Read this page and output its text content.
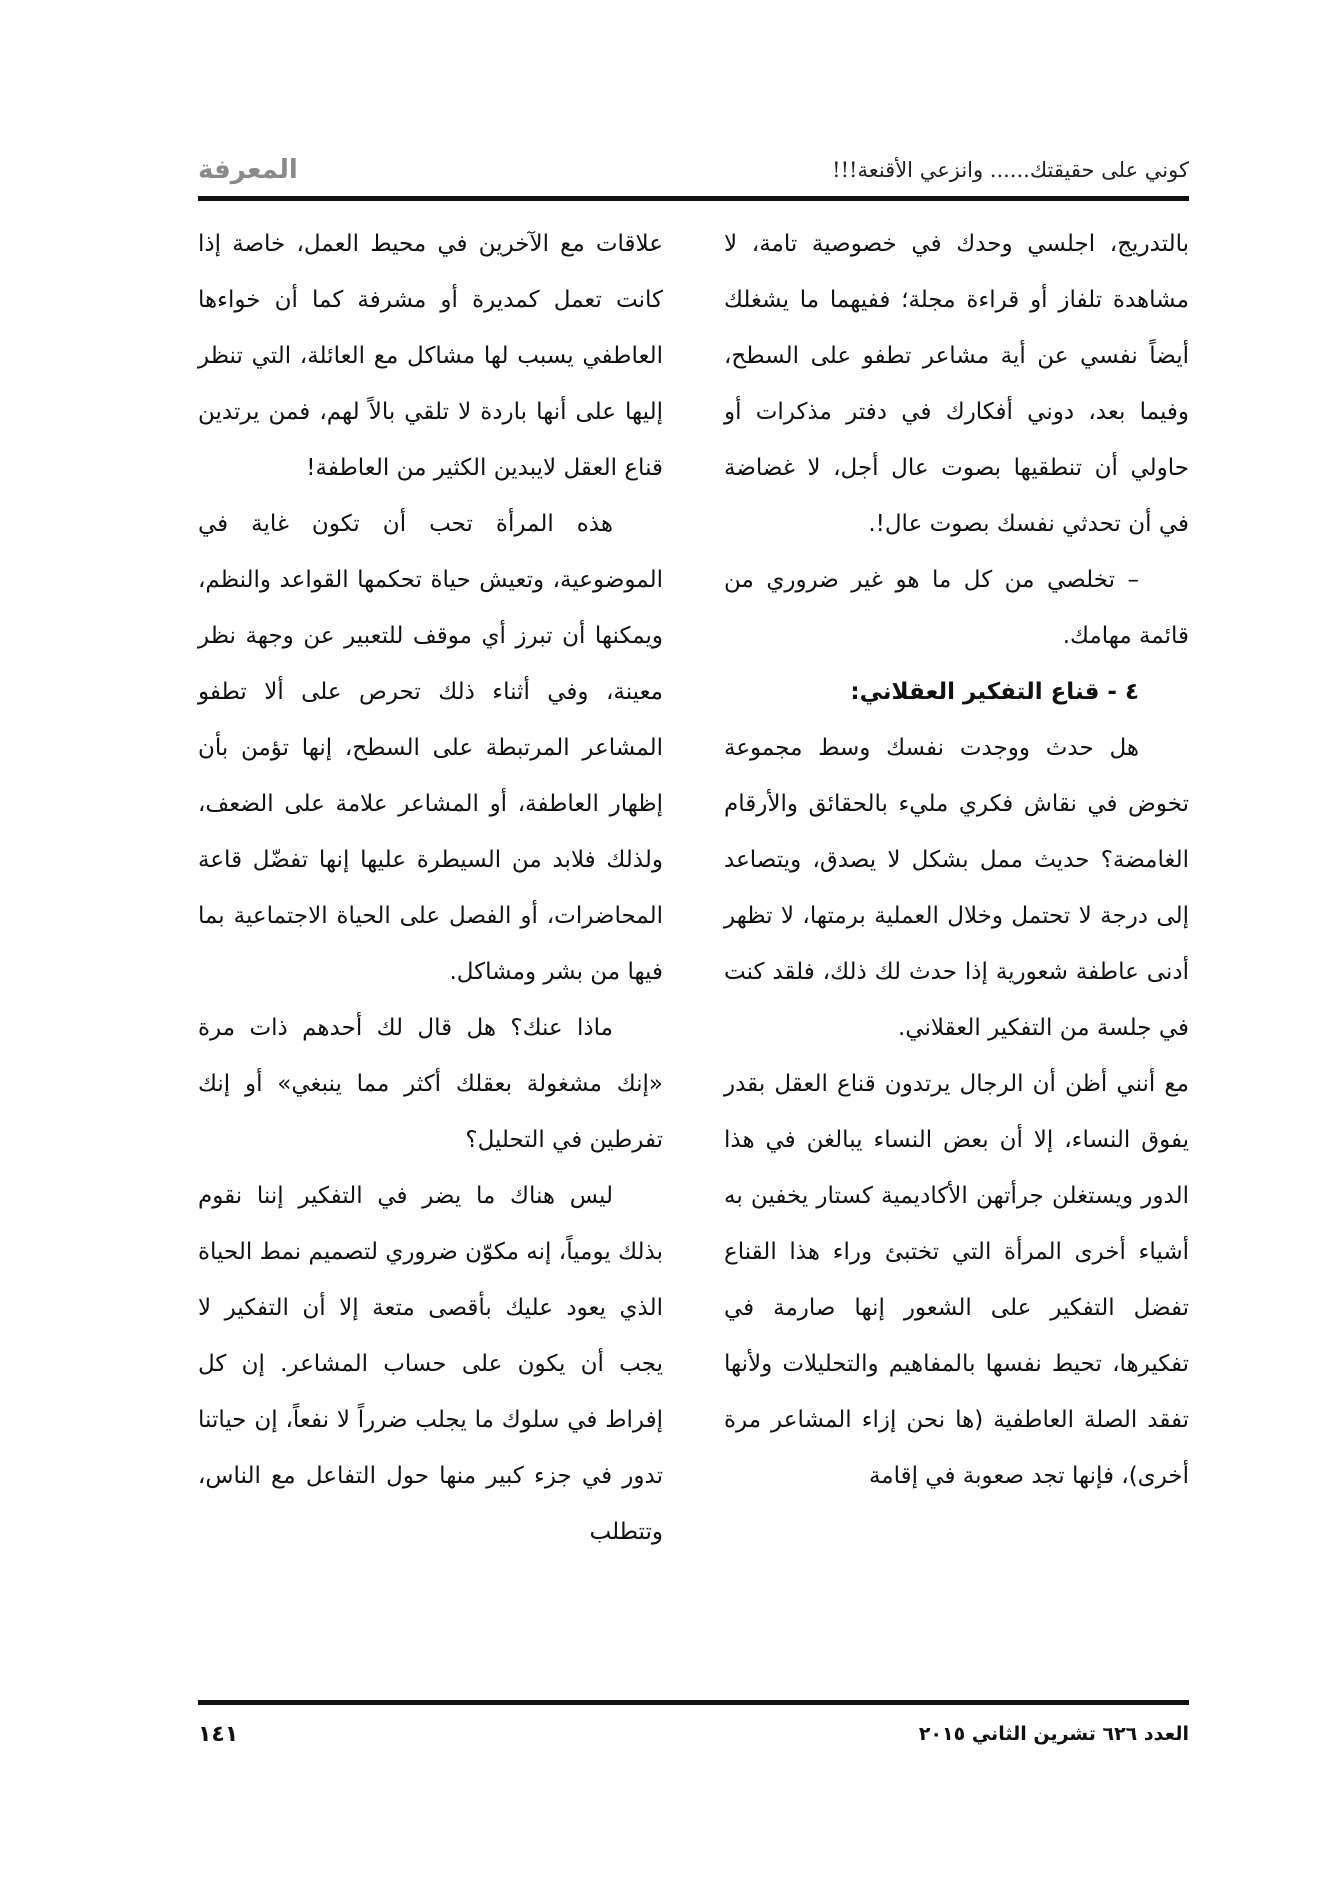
كوني على حقيقتك...... وانزعي الأقنعة!!!
المعرفة

بالتدريج، اجلسي وحدك في خصوصية تامة، لا مشاهدة تلفاز أو قراءة مجلة؛ ففيهما ما يشغلك أيضاً نفسي عن أية مشاعر تطفو على السطح، وفيما بعد، دوني أفكارك في دفتر مذكرات أو حاولي أن تنطقيها بصوت عال أجل، لا غضاضة في أن تحدثي نفسك بصوت عال!.

– تخلصي من كل ما هو غير ضروري من قائمة مهامك.

٤ - قناع التفكير العقلاني:

هل حدث ووجدت نفسك وسط مجموعة تخوض في نقاش فكري مليء بالحقائق والأرقام الغامضة؟ حديث ممل بشكل لا يصدق، ويتصاعد إلى درجة لا تحتمل وخلال العملية برمتها، لا تظهر أدنى عاطفة شعورية إذا حدث لك ذلك، فلقد كنت في جلسة من التفكير العقلاني.

مع أنني أظن أن الرجال يرتدون قناع العقل بقدر يفوق النساء، إلا أن بعض النساء يبالغن في هذا الدور ويستغلن جرأتهن الأكاديمية كستار يخفين به أشياء أخرى المرأة التي تختبئ وراء هذا القناع تفضل التفكير على الشعور إنها صارمة في تفكيرها، تحيط نفسها بالمفاهيم والتحليلات ولأنها تفقد الصلة العاطفية (ها نحن إزاء المشاعر مرة أخرى)، فإنها تجد صعوبة في إقامة

علاقات مع الآخرين في محيط العمل، خاصة إذا كانت تعمل كمديرة أو مشرفة كما أن خواءها العاطفي يسبب لها مشاكل مع العائلة، التي تنظر إليها على أنها باردة لا تلقي بالاً لهم، فمن يرتدين قناع العقل لايبدين الكثير من العاطفة!

هذه المرأة تحب أن تكون غاية في الموضوعية، وتعيش حياة تحكمها القواعد والنظم، ويمكنها أن تبرز أي موقف للتعبير عن وجهة نظر معينة، وفي أثناء ذلك تحرص على ألا تطفو المشاعر المرتبطة على السطح، إنها تؤمن بأن إظهار العاطفة، أو المشاعر علامة على الضعف، ولذلك فلابد من السيطرة عليها إنها تفضّل قاعة المحاضرات، أو الفصل على الحياة الاجتماعية بما فيها من بشر ومشاكل.

ماذا عنك؟ هل قال لك أحدهم ذات مرة «إنك مشغولة بعقلك أكثر مما ينبغي» أو إنك تفرطين في التحليل؟

ليس هناك ما يضر في التفكير إننا نقوم بذلك يومياً، إنه مكوّن ضروري لتصميم نمط الحياة الذي يعود عليك بأقصى متعة إلا أن التفكير لا يجب أن يكون على حساب المشاعر. إن كل إفراط في سلوك ما يجلب ضرراً لا نفعاً، إن حياتنا تدور في جزء كبير منها حول التفاعل مع الناس، وتتطلب

العدد ٦٢٦ تشرين الثاني ٢٠١٥
١٤١
